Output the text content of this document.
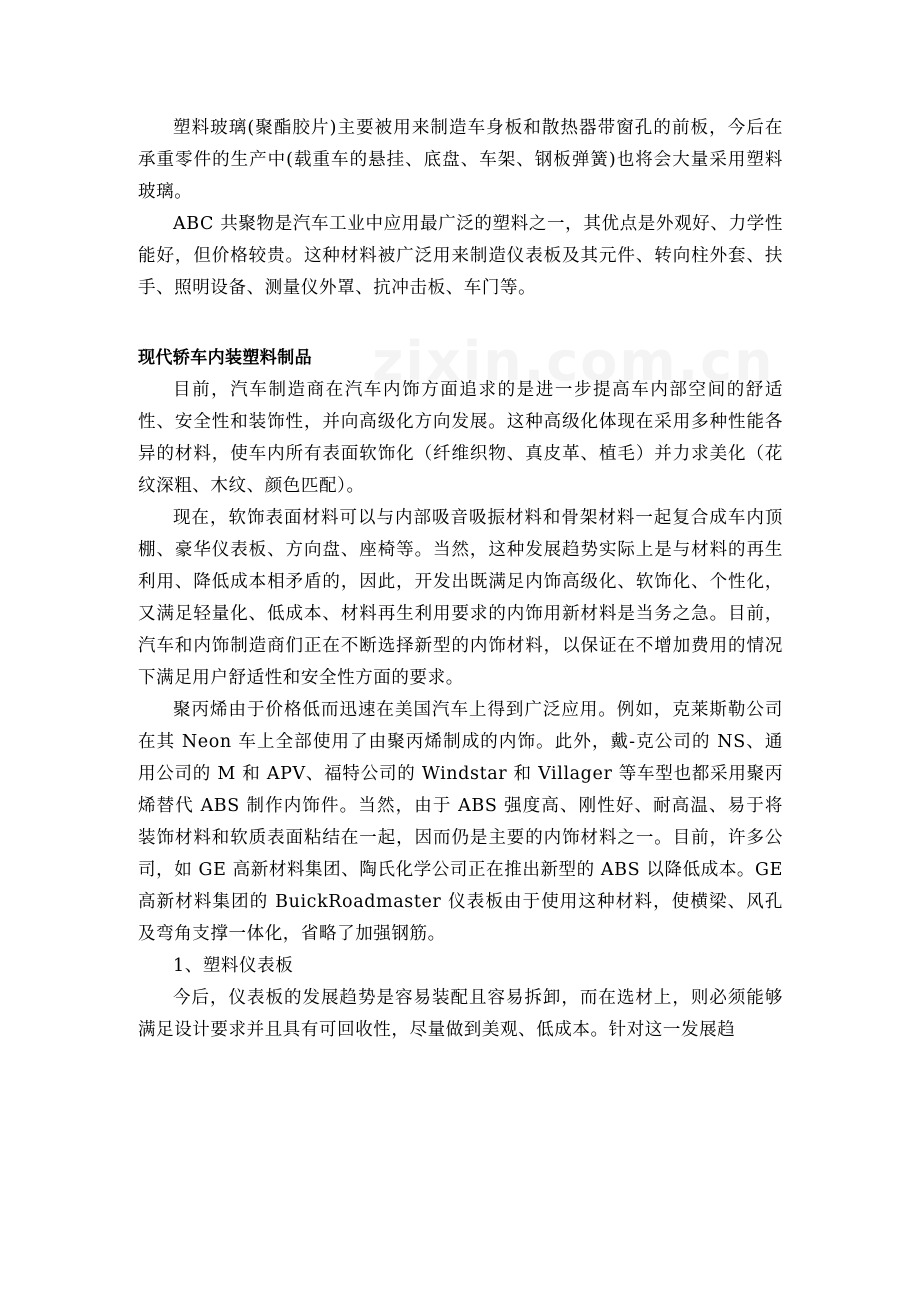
塑料玻璃(聚酯胶片)主要被用来制造车身板和散热器带窗孔的前板，今后在承重零件的生产中(载重车的悬挂、底盘、车架、钢板弹簧)也将会大量采用塑料玻璃。

ABC 共聚物是汽车工业中应用最广泛的塑料之一，其优点是外观好、力学性能好，但价格较贵。这种材料被广泛用来制造仪表板及其元件、转向柱外套、扶手、照明设备、测量仪外罩、抗冲击板、车门等。

现代轿车内装塑料制品

目前，汽车制造商在汽车内饰方面追求的是进一步提高车内部空间的舒适性、安全性和装饰性，并向高级化方向发展。这种高级化体现在采用多种性能各异的材料，使车内所有表面软饰化（纤维织物、真皮革、植毛）并力求美化（花纹深粗、木纹、颜色匹配）。

现在，软饰表面材料可以与内部吸音吸振材料和骨架材料一起复合成车内顶棚、豪华仪表板、方向盘、座椅等。当然，这种发展趋势实际上是与材料的再生利用、降低成本相矛盾的，因此，开发出既满足内饰高级化、软饰化、个性化，又满足轻量化、低成本、材料再生利用要求的内饰用新材料是当务之急。目前，汽车和内饰制造商们正在不断选择新型的内饰材料，以保证在不增加费用的情况下满足用户舒适性和安全性方面的要求。

聚丙烯由于价格低而迅速在美国汽车上得到广泛应用。例如，克莱斯勒公司在其 Neon 车上全部使用了由聚丙烯制成的内饰。此外，戴-克公司的 NS、通用公司的 M 和 APV、福特公司的 Windstar 和 Villager 等车型也都采用聚丙烯替代 ABS 制作内饰件。当然，由于 ABS 强度高、刚性好、耐高温、易于将装饰材料和软质表面粘结在一起，因而仍是主要的内饰材料之一。目前，许多公司，如 GE 高新材料集团、陶氏化学公司正在推出新型的 ABS 以降低成本。GE 高新材料集团的 BuickRoadmaster 仪表板由于使用这种材料，使横梁、风孔及弯角支撑一体化，省略了加强钢筋。

1、塑料仪表板

今后，仪表板的发展趋势是容易装配且容易拆卸，而在选材上，则必须能够满足设计要求并且具有可回收性，尽量做到美观、低成本。针对这一发展趋
